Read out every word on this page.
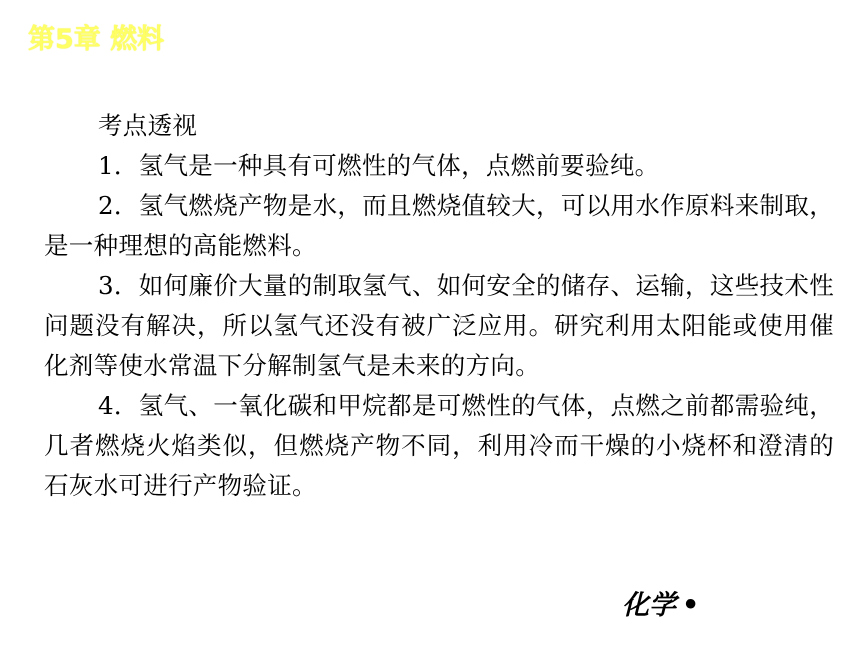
第5章 燃料

考点透视

1．氢气是一种具有可燃性的气体，点燃前要验纯。

2．氢气燃烧产物是水，而且燃烧值较大，可以用水作原料来制取，是一种理想的高能燃料。

3．如何廉价大量的制取氢气、如何安全的储存、运输，这些技术性问题没有解决，所以氢气还没有被广泛应用。研究利用太阳能或使用催化剂等使水常温下分解制氢气是未来的方向。

4．氢气、一氧化碳和甲烷都是可燃性的气体，点燃之前都需验纯，几者燃烧火焰类似，但燃烧产物不同，利用冷而干燥的小烧杯和澄清的石灰水可进行产物验证。

化学 •
